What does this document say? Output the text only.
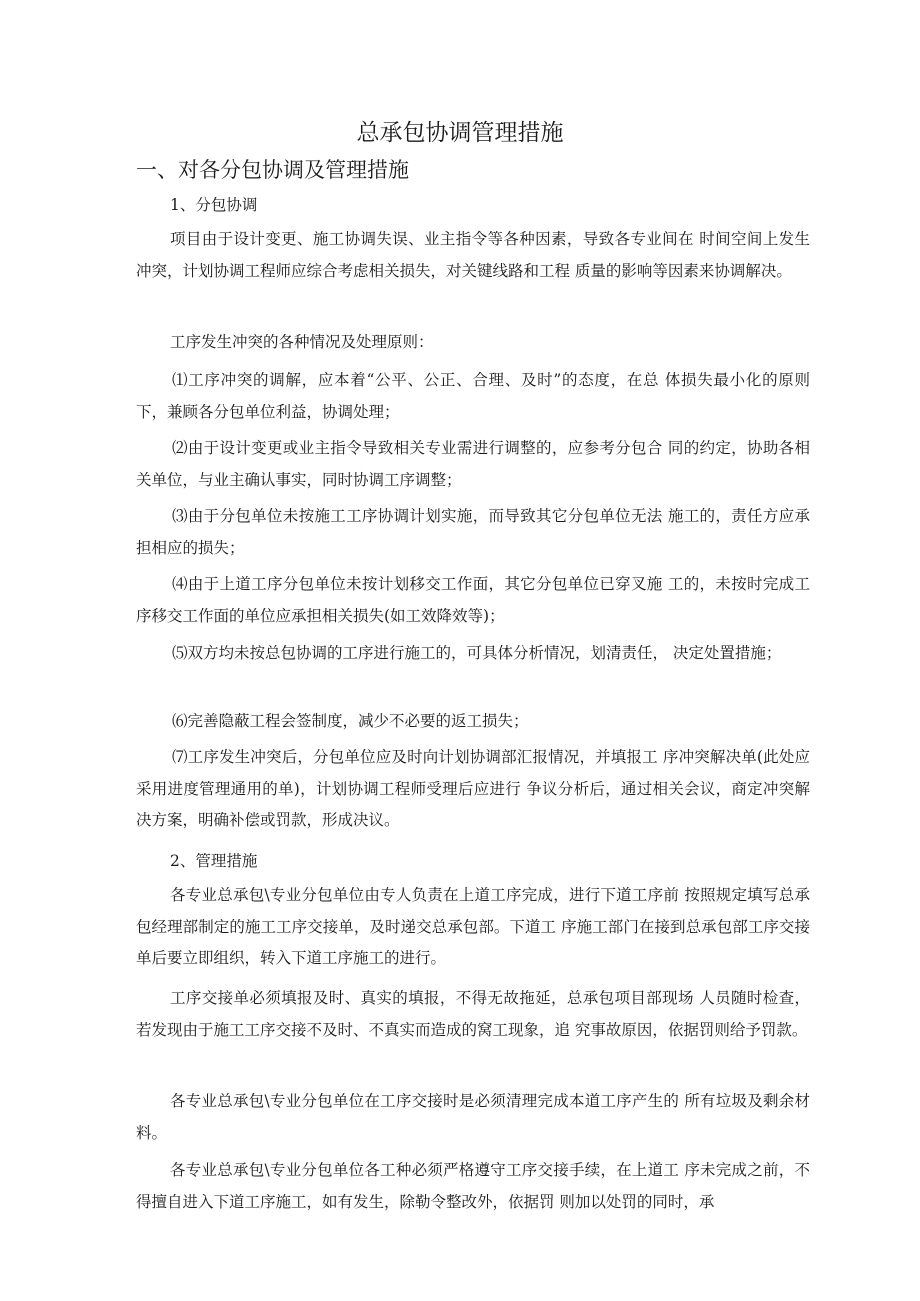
总承包协调管理措施
一、对各分包协调及管理措施

1、分包协调

项目由于设计变更、施工协调失误、业主指令等各种因素，导致各专业间在 时间空间上发生冲突，计划协调工程师应综合考虑相关损失，对关键线路和工程 质量的影响等因素来协调解决。

工序发生冲突的各种情况及处理原则：

⑴工序冲突的调解，应本着“公平、公正、合理、及时”的态度，在总 体损失最小化的原则下，兼顾各分包单位利益，协调处理；

⑵由于设计变更或业主指令导致相关专业需进行调整的，应参考分包合 同的约定，协助各相关单位，与业主确认事实，同时协调工序调整；

⑶由于分包单位未按施工工序协调计划实施，而导致其它分包单位无法 施工的，责任方应承担相应的损失；

⑷由于上道工序分包单位未按计划移交工作面，其它分包单位已穿叉施 工的，未按时完成工序移交工作面的单位应承担相关损失(如工效降效等)；

⑸双方均未按总包协调的工序进行施工的，可具体分析情况，划清责任， 决定处置措施；

⑹完善隐蔽工程会签制度，减少不必要的返工损失；

⑺工序发生冲突后，分包单位应及时向计划协调部汇报情况，并填报工 序冲突解决单(此处应采用进度管理通用的单)，计划协调工程师受理后应进行 争议分析后，通过相关会议，商定冲突解决方案，明确补偿或罚款，形成决议。

2、管理措施

各专业总承包\专业分包单位由专人负责在上道工序完成，进行下道工序前 按照规定填写总承包经理部制定的施工工序交接单，及时递交总承包部。下道工 序施工部门在接到总承包部工序交接单后要立即组织，转入下道工序施工的进行。

工序交接单必须填报及时、真实的填报，不得无故拖延，总承包项目部现场 人员随时检查，若发现由于施工工序交接不及时、不真实而造成的窝工现象，追 究事故原因，依据罚则给予罚款。

各专业总承包\专业分包单位在工序交接时是必须清理完成本道工序产生的 所有垃圾及剩余材料。

各专业总承包\专业分包单位各工种必须严格遵守工序交接手续，在上道工 序未完成之前，不得擅自进入下道工序施工，如有发生，除勒令整改外，依据罚 则加以处罚的同时，承
